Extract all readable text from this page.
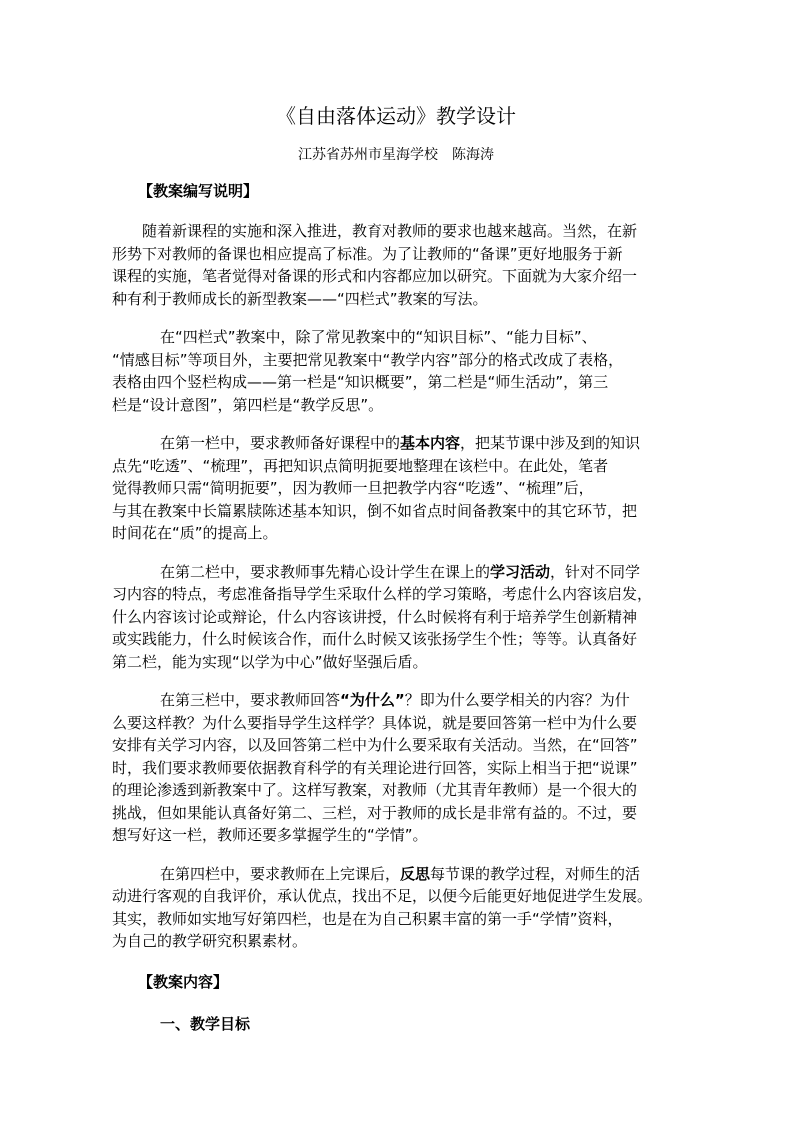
《自由落体运动》教学设计
江苏省苏州市星海学校　陈海涛
【教案编写说明】

随着新课程的实施和深入推进，教育对教师的要求也越来越高。当然，在新
形势下对教师的备课也相应提高了标准。为了让教师的“备课”更好地服务于新
课程的实施，笔者觉得对备课的形式和内容都应加以研究。下面就为大家介绍一
种有利于教师成长的新型教案——“四栏式”教案的写法。

在“四栏式”教案中，除了常见教案中的“知识目标”、“能力目标”、
“情感目标”等项目外，主要把常见教案中“教学内容”部分的格式改成了表格，
表格由四个竖栏构成——第一栏是“知识概要”，第二栏是“师生活动”，第三
栏是“设计意图”，第四栏是“教学反思”。

在第一栏中，要求教师备好课程中的基本内容，把某节课中涉及到的知识
点先“吃透”、“梳理”，再把知识点简明扼要地整理在该栏中。在此处，笔者
觉得教师只需“简明扼要”，因为教师一旦把教学内容“吃透”、“梳理”后，
与其在教案中长篇累牍陈述基本知识，倒不如省点时间备教案中的其它环节，把
时间花在“质”的提高上。

在第二栏中，要求教师事先精心设计学生在课上的学习活动，针对不同学
习内容的特点，考虑准备指导学生采取什么样的学习策略，考虑什么内容该启发，
什么内容该讨论或辩论，什么内容该讲授，什么时候将有利于培养学生创新精神
或实践能力，什么时候该合作，而什么时候又该张扬学生个性；等等。认真备好
第二栏，能为实现“以学为中心”做好坚强后盾。

在第三栏中，要求教师回答“为什么”？即为什么要学相关的内容？为什
么要这样教？为什么要指导学生这样学？具体说，就是要回答第一栏中为什么要
安排有关学习内容，以及回答第二栏中为什么要采取有关活动。当然，在“回答”
时，我们要求教师要依据教育科学的有关理论进行回答，实际上相当于把“说课”
的理论渗透到新教案中了。这样写教案，对教师（尤其青年教师）是一个很大的
挑战，但如果能认真备好第二、三栏，对于教师的成长是非常有益的。不过，要
想写好这一栏，教师还要多掌握学生的“学情”。

在第四栏中，要求教师在上完课后，反思每节课的教学过程，对师生的活
动进行客观的自我评价，承认优点，找出不足，以便今后能更好地促进学生发展。
其实，教师如实地写好第四栏，也是在为自己积累丰富的第一手“学情”资料，
为自己的教学研究积累素材。

【教案内容】
一、教学目标
